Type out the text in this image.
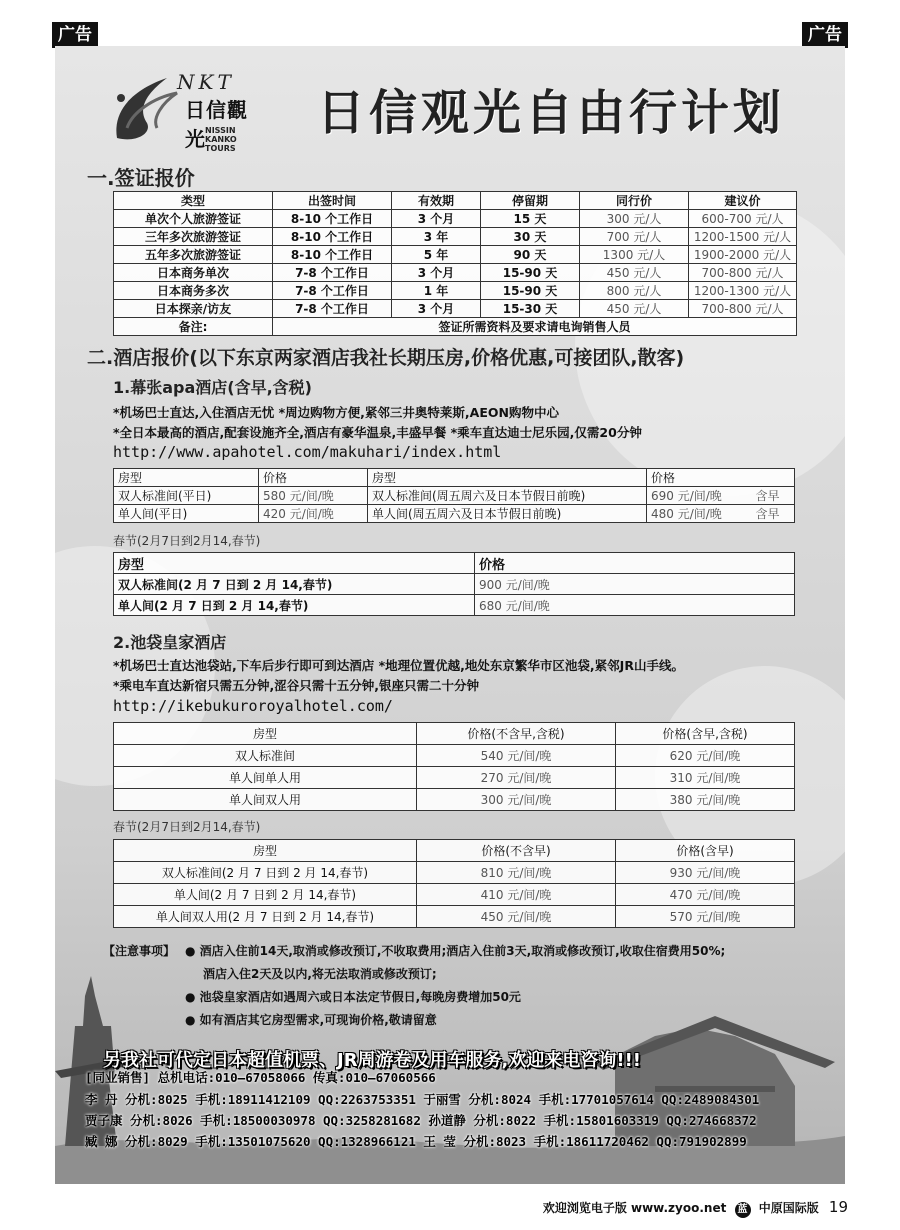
广告	广告
NKT
日信觀光 NISSIN KANKO
TOURS
日信观光自由行计划
一.签证报价
类型	出签时间	有效期	停留期	同行价	建议价
单次个人旅游签证	8-10 个工作日	3 个月	15 天	300 元/人	600-700 元/人
三年多次旅游签证	8-10 个工作日	3 年	30 天	700 元/人	1200-1500 元/人
五年多次旅游签证	8-10 个工作日	5 年	90 天	1300 元/人	1900-2000 元/人
日本商务单次	7-8 个工作日	3 个月	15-90 天	450 元/人	700-800 元/人
日本商务多次	7-8 个工作日	1 年	15-90 天	800 元/人	1200-1300 元/人
日本探亲/访友	7-8 个工作日	3 个月	15-30 天	450 元/人	700-800 元/人
备注:	签证所需资料及要求请电询销售人员				
二.酒店报价(以下东京两家酒店我社长期压房,价格优惠,可接团队,散客)
1.幕张apa酒店(含早,含税)
*机场巴士直达,入住酒店无忧 *周边购物方便,紧邻三井奥特莱斯,AEON购物中心
*全日本最高的酒店,配套设施齐全,酒店有豪华温泉,丰盛早餐 *乘车直达迪士尼乐园,仅需20分钟
http://www.apahotel.com/makuhari/index.html
房型	价格	房型	价格	
双人标准间(平日)	580 元/间/晚	双人标准间(周五周六及日本节假日前晚)	690 元/间/晚	含早
单人间(平日)	420 元/间/晚	单人间(周五周六及日本节假日前晚)	480 元/间/晚	含早
春节(2月7日到2月14,春节)
房型	价格
双人标准间(2 月 7 日到 2 月 14,春节)	900 元/间/晚
单人间(2 月 7 日到 2 月 14,春节)	680 元/间/晚
2.池袋皇家酒店
*机场巴士直达池袋站,下车后步行即可到达酒店 *地理位置优越,地处东京繁华市区池袋,紧邻JR山手线。
*乘电车直达新宿只需五分钟,涩谷只需十五分钟,银座只需二十分钟
http://ikebukuroroyalhotel.com/
房型	价格(不含早,含税)	价格(含早,含税)
双人标准间	540 元/间/晚	620 元/间/晚
单人间单人用	270 元/间/晚	310 元/间/晚
单人间双人用	300 元/间/晚	380 元/间/晚
春节(2月7日到2月14,春节)
房型	价格(不含早)	价格(含早)
双人标准间(2 月 7 日到 2 月 14,春节)	810 元/间/晚	930 元/间/晚
单人间(2 月 7 日到 2 月 14,春节)	410 元/间/晚	470 元/间/晚
单人间双人用(2 月 7 日到 2 月 14,春节)	450 元/间/晚	570 元/间/晚
【注意事项】 ● 酒店入住前14天,取消或修改预订,不收取费用;酒店入住前3天,取消或修改预订,收取住宿费用50%;
酒店入住2天及以内,将无法取消或修改预订;
● 池袋皇家酒店如遇周六或日本法定节假日,每晚房费增加50元
● 如有酒店其它房型需求,可现询价格,敬请留意
另我社可代定日本超值机票、JR周游卷及用车服务,欢迎来电咨询!!!
[同业销售] 总机电话:010—67058066 传真:010—67060566
李 丹 分机:8025 手机:18911412109 QQ:2263753351 于丽雪 分机:8024 手机:17701057614 QQ:2489084301
贾子康 分机:8026 手机:18500030978 QQ:3258281682 孙道静 分机:8022 手机:15801603319 QQ:274668372
臧 娜 分机:8029 手机:13501075620 QQ:1328966121 王 莹 分机:8023 手机:18611720462 QQ:791902899
欢迎浏览电子版 www.zyoo.net 蓝 中原国际版 19
